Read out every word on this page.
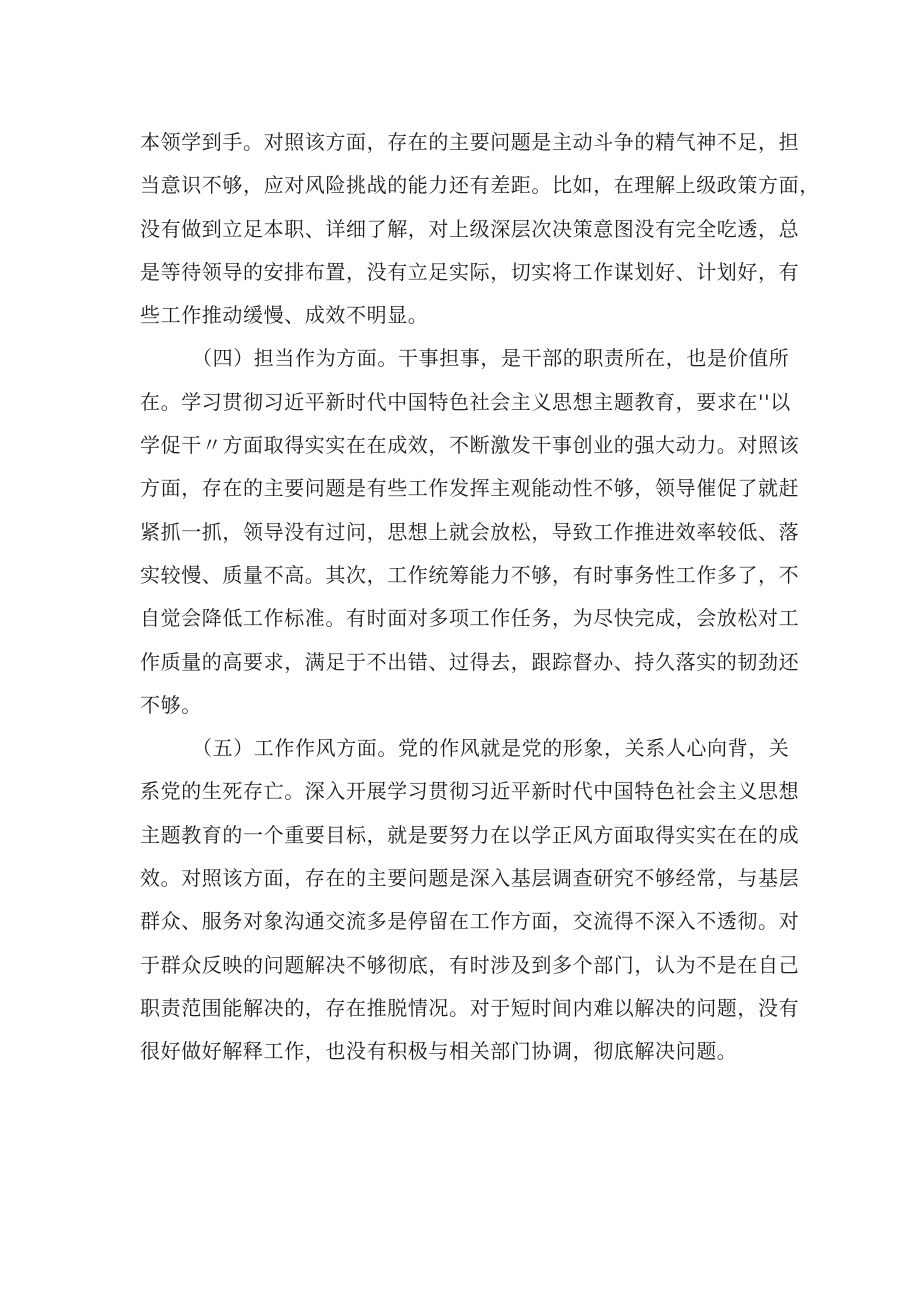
本领学到手。对照该方面，存在的主要问题是主动斗争的精气神不足，担
当意识不够，应对风险挑战的能力还有差距。比如，在理解上级政策方面，
没有做到立足本职、详细了解，对上级深层次决策意图没有完全吃透，总
是等待领导的安排布置，没有立足实际，切实将工作谋划好、计划好，有
些工作推动缓慢、成效不明显。
（四）担当作为方面。干事担事，是干部的职责所在，也是价值所
在。学习贯彻习近平新时代中国特色社会主义思想主题教育，要求在''以
学促干〃方面取得实实在在成效，不断激发干事创业的强大动力。对照该
方面，存在的主要问题是有些工作发挥主观能动性不够，领导催促了就赶
紧抓一抓，领导没有过问，思想上就会放松，导致工作推进效率较低、落
实较慢、质量不高。其次，工作统筹能力不够，有时事务性工作多了，不
自觉会降低工作标准。有时面对多项工作任务，为尽快完成，会放松对工
作质量的高要求，满足于不出错、过得去，跟踪督办、持久落实的韧劲还
不够。
（五）工作作风方面。党的作风就是党的形象，关系人心向背，关
系党的生死存亡。深入开展学习贯彻习近平新时代中国特色社会主义思想
主题教育的一个重要目标，就是要努力在以学正风方面取得实实在在的成
效。对照该方面，存在的主要问题是深入基层调查研究不够经常，与基层
群众、服务对象沟通交流多是停留在工作方面，交流得不深入不透彻。对
于群众反映的问题解决不够彻底，有时涉及到多个部门，认为不是在自己
职责范围能解决的，存在推脱情况。对于短时间内难以解决的问题，没有
很好做好解释工作，也没有积极与相关部门协调，彻底解决问题。
